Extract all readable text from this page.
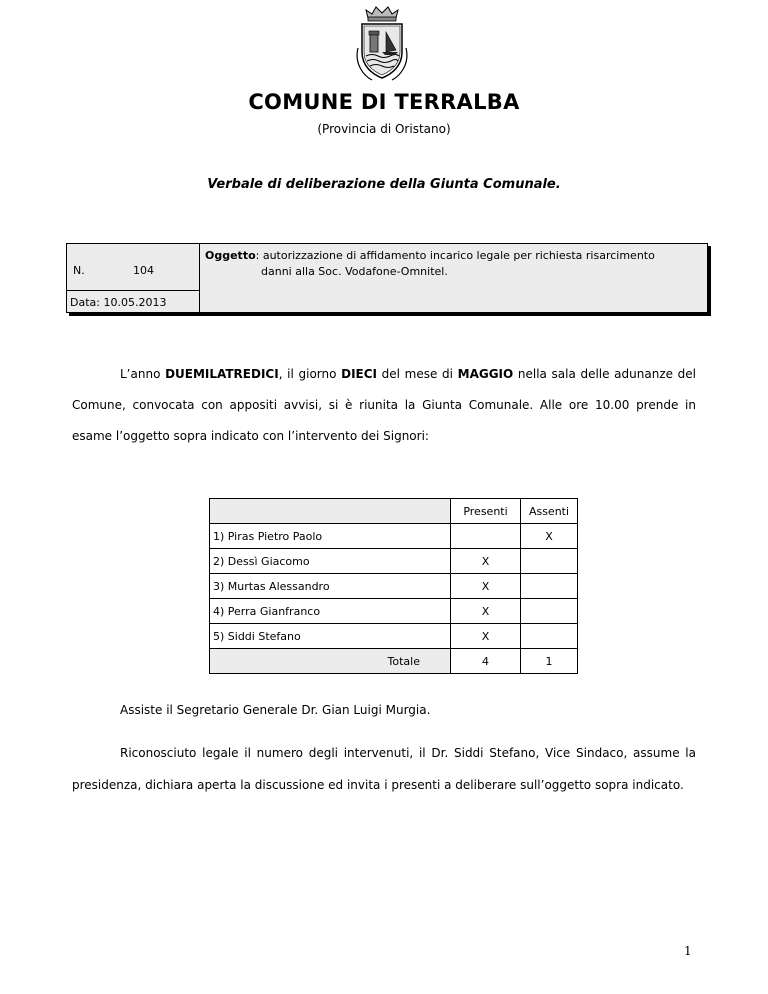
COMUNE DI TERRALBA
(Provincia di Oristano)
Verbale di deliberazione della Giunta Comunale.
N.	104
Data: 10.05.2013
Oggetto: autorizzazione di affidamento incarico legale per richiesta risarcimento
danni alla Soc. Vodafone-Omnitel.
L’anno DUEMILATREDICI, il giorno DIECI del mese di MAGGIO nella sala delle adunanze del Comune, convocata con appositi avvisi, si è riunita la Giunta Comunale. Alle ore 10.00 prende in esame l’oggetto sopra indicato con l’intervento dei Signori:
	Presenti	Assenti
1) Piras Pietro Paolo		X
2) Dessì Giacomo	X	
3) Murtas Alessandro	X	
4) Perra Gianfranco	X	
5) Siddi Stefano	X	
Totale	4	1
Assiste il Segretario Generale Dr. Gian Luigi Murgia.
Riconosciuto legale il numero degli intervenuti, il Dr. Siddi Stefano, Vice Sindaco, assume la presidenza, dichiara aperta la discussione ed invita i presenti a deliberare sull’oggetto sopra indicato.
1
